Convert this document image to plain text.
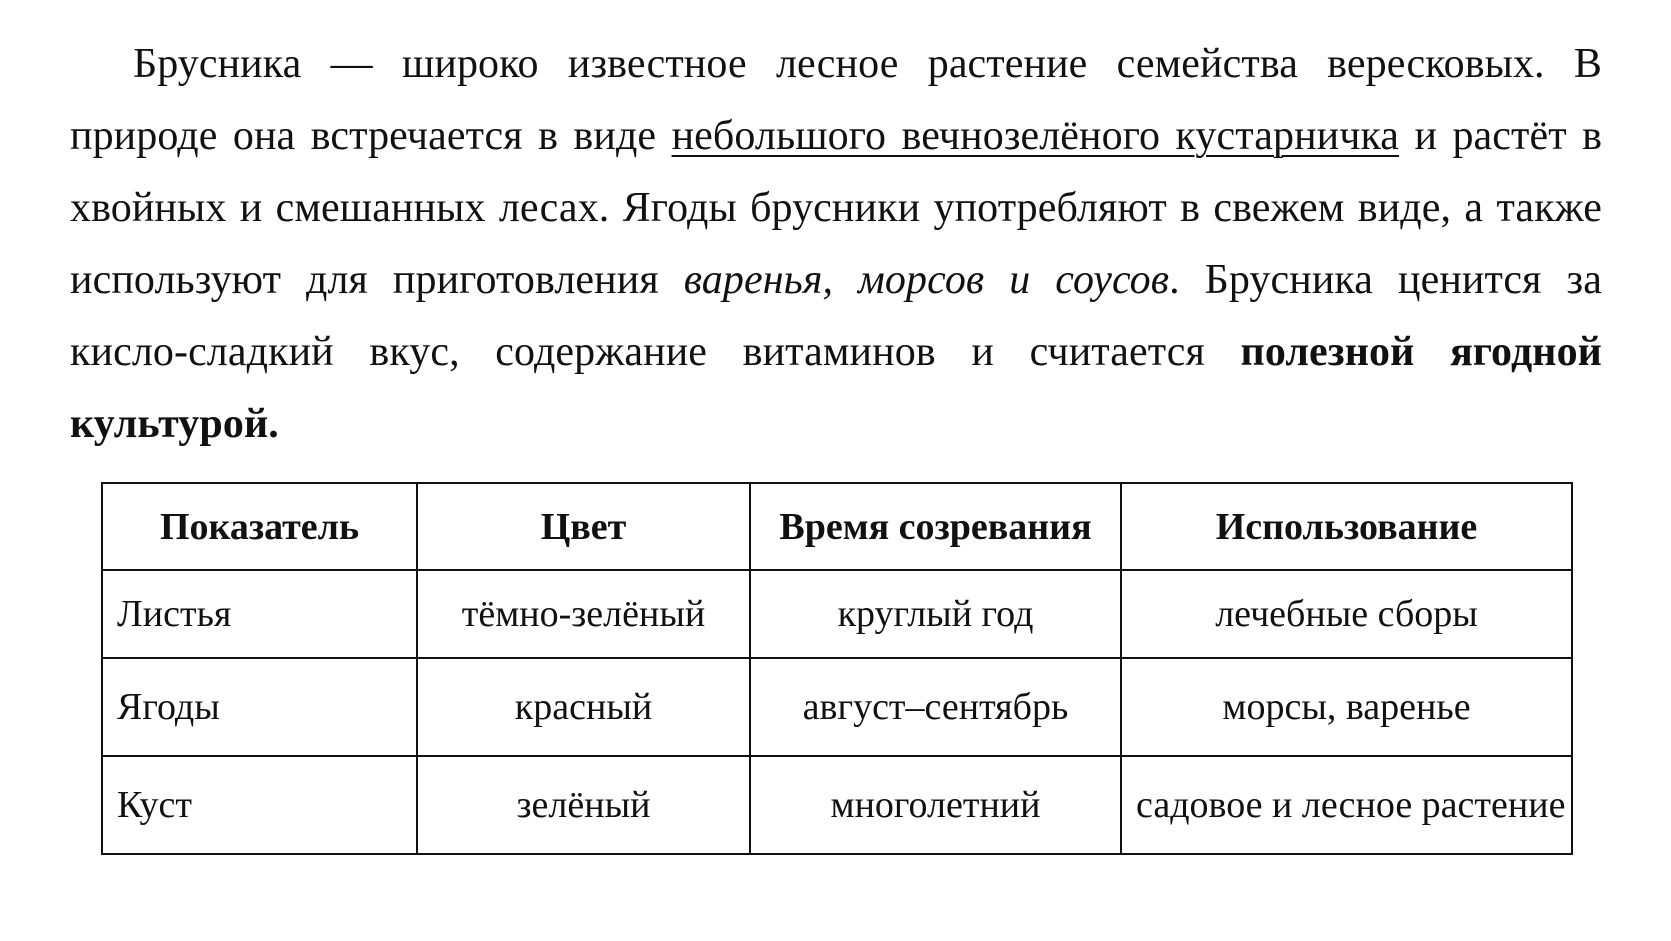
Брусника — широко известное лесное растение семейства вересковых. В природе она встречается в виде небольшого вечнозелёного кустарничка и растёт в хвойных и смешанных лесах. Ягоды брусники употребляют в свежем виде, а также используют для приготовления варенья, морсов и соусов. Брусника ценится за кисло-сладкий вкус, содержание витаминов и считается полезной ягодной культурой.

Показатель	Цвет	Время созревания	Использование
Листья	тёмно-зелёный	круглый год	лечебные сборы
Ягоды	красный	август–сентябрь	морсы, варенье
Куст	зелёный	многолетний	садовое и лесное растение
